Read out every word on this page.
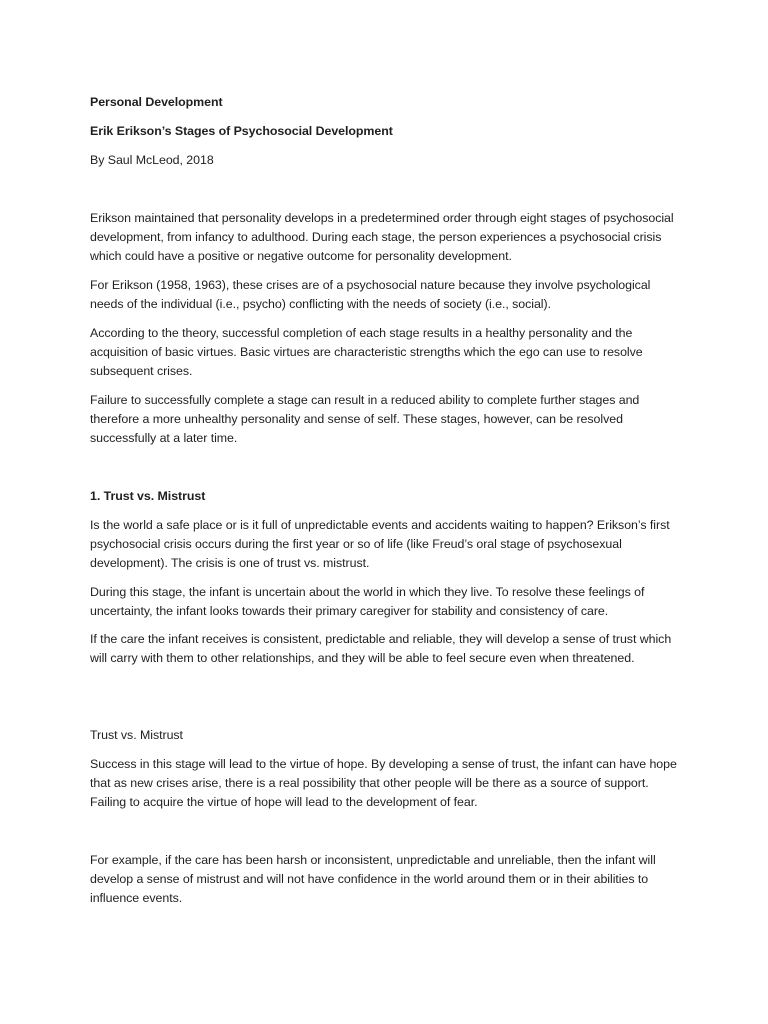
Personal Development

Erik Erikson’s Stages of Psychosocial Development

By Saul McLeod, 2018

Erikson maintained that personality develops in a predetermined order through eight stages of psychosocial development, from infancy to adulthood. During each stage, the person experiences a psychosocial crisis which could have a positive or negative outcome for personality development.

For Erikson (1958, 1963), these crises are of a psychosocial nature because they involve psychological needs of the individual (i.e., psycho) conflicting with the needs of society (i.e., social).

According to the theory, successful completion of each stage results in a healthy personality and the acquisition of basic virtues. Basic virtues are characteristic strengths which the ego can use to resolve subsequent crises.

Failure to successfully complete a stage can result in a reduced ability to complete further stages and therefore a more unhealthy personality and sense of self. These stages, however, can be resolved successfully at a later time.

1. Trust vs. Mistrust

Is the world a safe place or is it full of unpredictable events and accidents waiting to happen? Erikson’s first psychosocial crisis occurs during the first year or so of life (like Freud’s oral stage of psychosexual development). The crisis is one of trust vs. mistrust.

During this stage, the infant is uncertain about the world in which they live. To resolve these feelings of uncertainty, the infant looks towards their primary caregiver for stability and consistency of care.

If the care the infant receives is consistent, predictable and reliable, they will develop a sense of trust which will carry with them to other relationships, and they will be able to feel secure even when threatened.

Trust vs. Mistrust

Success in this stage will lead to the virtue of hope. By developing a sense of trust, the infant can have hope that as new crises arise, there is a real possibility that other people will be there as a source of support. Failing to acquire the virtue of hope will lead to the development of fear.

For example, if the care has been harsh or inconsistent, unpredictable and unreliable, then the infant will develop a sense of mistrust and will not have confidence in the world around them or in their abilities to influence events.
